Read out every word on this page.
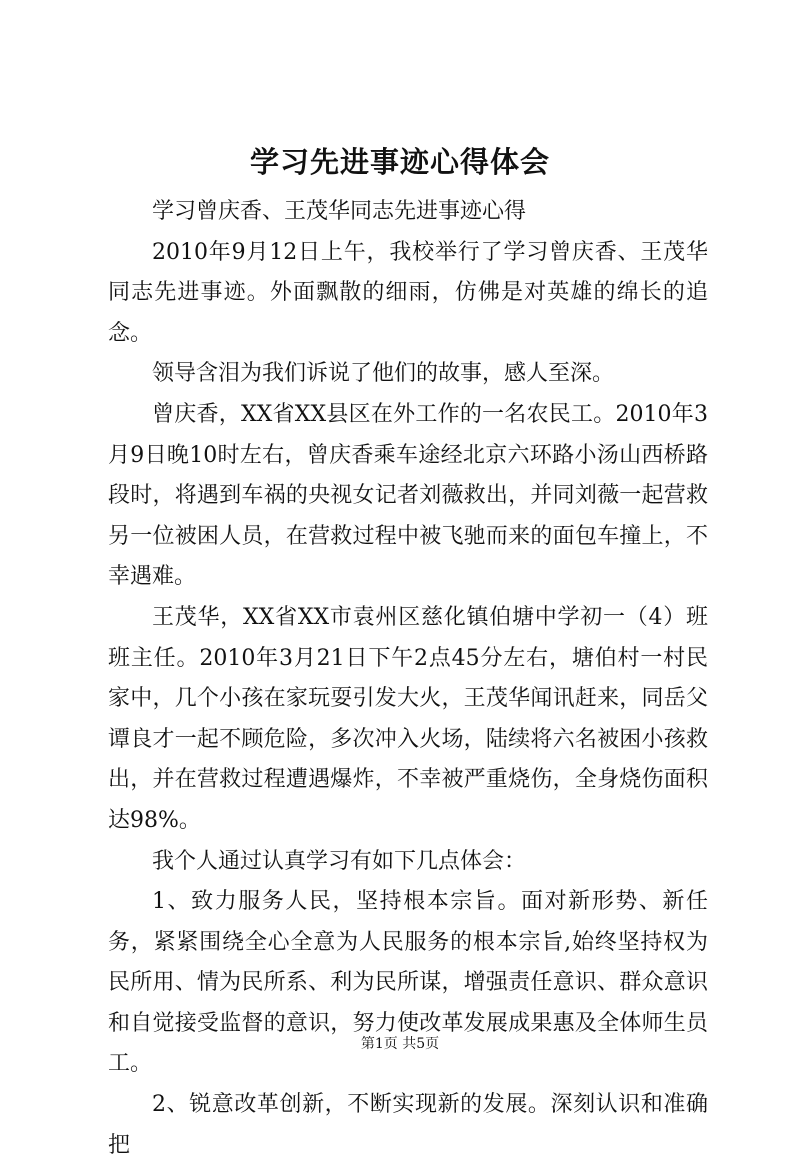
学习先进事迹心得体会

学习曾庆香、王茂华同志先进事迹心得

2010年9月12日上午，我校举行了学习曾庆香、王茂华同志先进事迹。外面飘散的细雨，仿佛是对英雄的绵长的追念。

领导含泪为我们诉说了他们的故事，感人至深。

曾庆香，XX省XX县区在外工作的一名农民工。2010年3月9日晚10时左右，曾庆香乘车途经北京六环路小汤山西桥路段时，将遇到车祸的央视女记者刘薇救出，并同刘薇一起营救另一位被困人员，在营救过程中被飞驰而来的面包车撞上，不幸遇难。

王茂华，XX省XX市袁州区慈化镇伯塘中学初一（4）班班主任。2010年3月21日下午2点45分左右，塘伯村一村民家中，几个小孩在家玩耍引发大火，王茂华闻讯赶来，同岳父谭良才一起不顾危险，多次冲入火场，陆续将六名被困小孩救出，并在营救过程遭遇爆炸，不幸被严重烧伤，全身烧伤面积达98%。

我个人通过认真学习有如下几点体会：

1、致力服务人民，坚持根本宗旨。面对新形势、新任务，紧紧围绕全心全意为人民服务的根本宗旨,始终坚持权为民所用、情为民所系、利为民所谋，增强责任意识、群众意识和自觉接受监督的意识，努力使改革发展成果惠及全体师生员工。

2、锐意改革创新，不断实现新的发展。深刻认识和准确把

第1页 共5页
